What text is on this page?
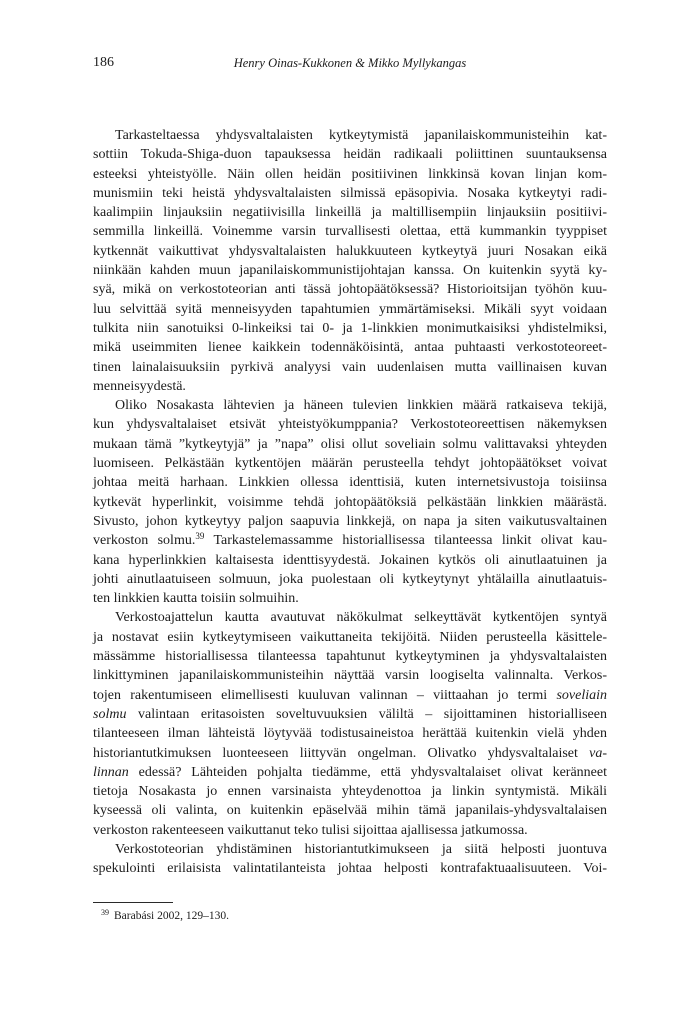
186	Henry Oinas-Kukkonen & Mikko Myllykangas
Tarkasteltaessa yhdysvaltalaisten kytkeytymistä japanilaiskommunisteihin kat-
sottiin Tokuda-Shiga-duon tapauksessa heidän radikaali poliittinen suuntauksensa
esteeksi yhteistyölle. Näin ollen heidän positiivinen linkkinsä kovan linjan kom-
munismiin teki heistä yhdysvaltalaisten silmissä epäsopivia. Nosaka kytkeytyi radi-
kaalimpiin linjauksiin negatiivisilla linkeillä ja maltillisempiin linjauksiin positiivi-
semmilla linkeillä. Voinemme varsin turvallisesti olettaa, että kummankin tyyppiset
kytkennät vaikuttivat yhdysvaltalaisten halukkuuteen kytkeytyä juuri Nosakan eikä
niinkään kahden muun japanilaiskommunistijohtajan kanssa. On kuitenkin syytä ky-
syä, mikä on verkostoteorian anti tässä johtopäätöksessä? Historioitsijan työhön kuu-
luu selvittää syitä menneisyyden tapahtumien ymmärtämiseksi. Mikäli syyt voidaan
tulkita niin sanotuiksi 0-linkeiksi tai 0- ja 1-linkkien monimutkaisiksi yhdistelmiksi,
mikä useimmiten lienee kaikkein todennäköisintä, antaa puhtaasti verkostoteoreet-
tinen lainalaisuuksiin pyrkivä analyysi vain uudenlaisen mutta vaillinaisen kuvan
menneisyydestä.
Oliko Nosakasta lähtevien ja häneen tulevien linkkien määrä ratkaiseva tekijä,
kun yhdysvaltalaiset etsivät yhteistyökumppania? Verkostoteoreettisen näkemyksen
mukaan tämä ”kytkeytyjä” ja ”napa” olisi ollut soveliain solmu valittavaksi yhteyden
luomiseen. Pelkästään kytkentöjen määrän perusteella tehdyt johtopäätökset voivat
johtaa meitä harhaan. Linkkien ollessa identtisiä, kuten internetsivustoja toisiinsa
kytkevät hyperlinkit, voisimme tehdä johtopäätöksiä pelkästään linkkien määrästä.
Sivusto, johon kytkeytyy paljon saapuvia linkkejä, on napa ja siten vaikutusvaltainen
verkoston solmu.$^{39}$ Tarkastelemassamme historiallisessa tilanteessa linkit olivat kau-
kana hyperlinkkien kaltaisesta identtisyydestä. Jokainen kytkös oli ainutlaatuinen ja
johti ainutlaatuiseen solmuun, joka puolestaan oli kytkeytynyt yhtälailla ainutlaatuis-
ten linkkien kautta toisiin solmuihin.
Verkostoajattelun kautta avautuvat näkökulmat selkeyttävät kytkentöjen syntyä
ja nostavat esiin kytkeytymiseen vaikuttaneita tekijöitä. Niiden perusteella käsittele-
mässämme historiallisessa tilanteessa tapahtunut kytkeytyminen ja yhdysvaltalaisten
linkittyminen japanilaiskommunisteihin näyttää varsin loogiselta valinnalta. Verkos-
tojen rakentumiseen elimellisesti kuuluvan valinnan – viittaahan jo termi soveliain
solmu valintaan eritasoisten soveltuvuuksien väliltä – sijoittaminen historialliseen
tilanteeseen ilman lähteistä löytyvää todistusaineistoa herättää kuitenkin vielä yhden
historiantutkimuksen luonteeseen liittyvän ongelman. Olivatko yhdysvaltalaiset va-
linnan edessä? Lähteiden pohjalta tiedämme, että yhdysvaltalaiset olivat keränneet
tietoja Nosakasta jo ennen varsinaista yhteydenottoa ja linkin syntymistä. Mikäli
kyseessä oli valinta, on kuitenkin epäselvää mihin tämä japanilais-yhdysvaltalaisen
verkoston rakenteeseen vaikuttanut teko tulisi sijoittaa ajallisessa jatkumossa.
Verkostoteorian yhdistäminen historiantutkimukseen ja siitä helposti juontuva
spekulointi erilaisista valintatilanteista johtaa helposti kontrafaktuaalisuuteen. Voi-
$^{39}$ Barabási 2002, 129–130.
